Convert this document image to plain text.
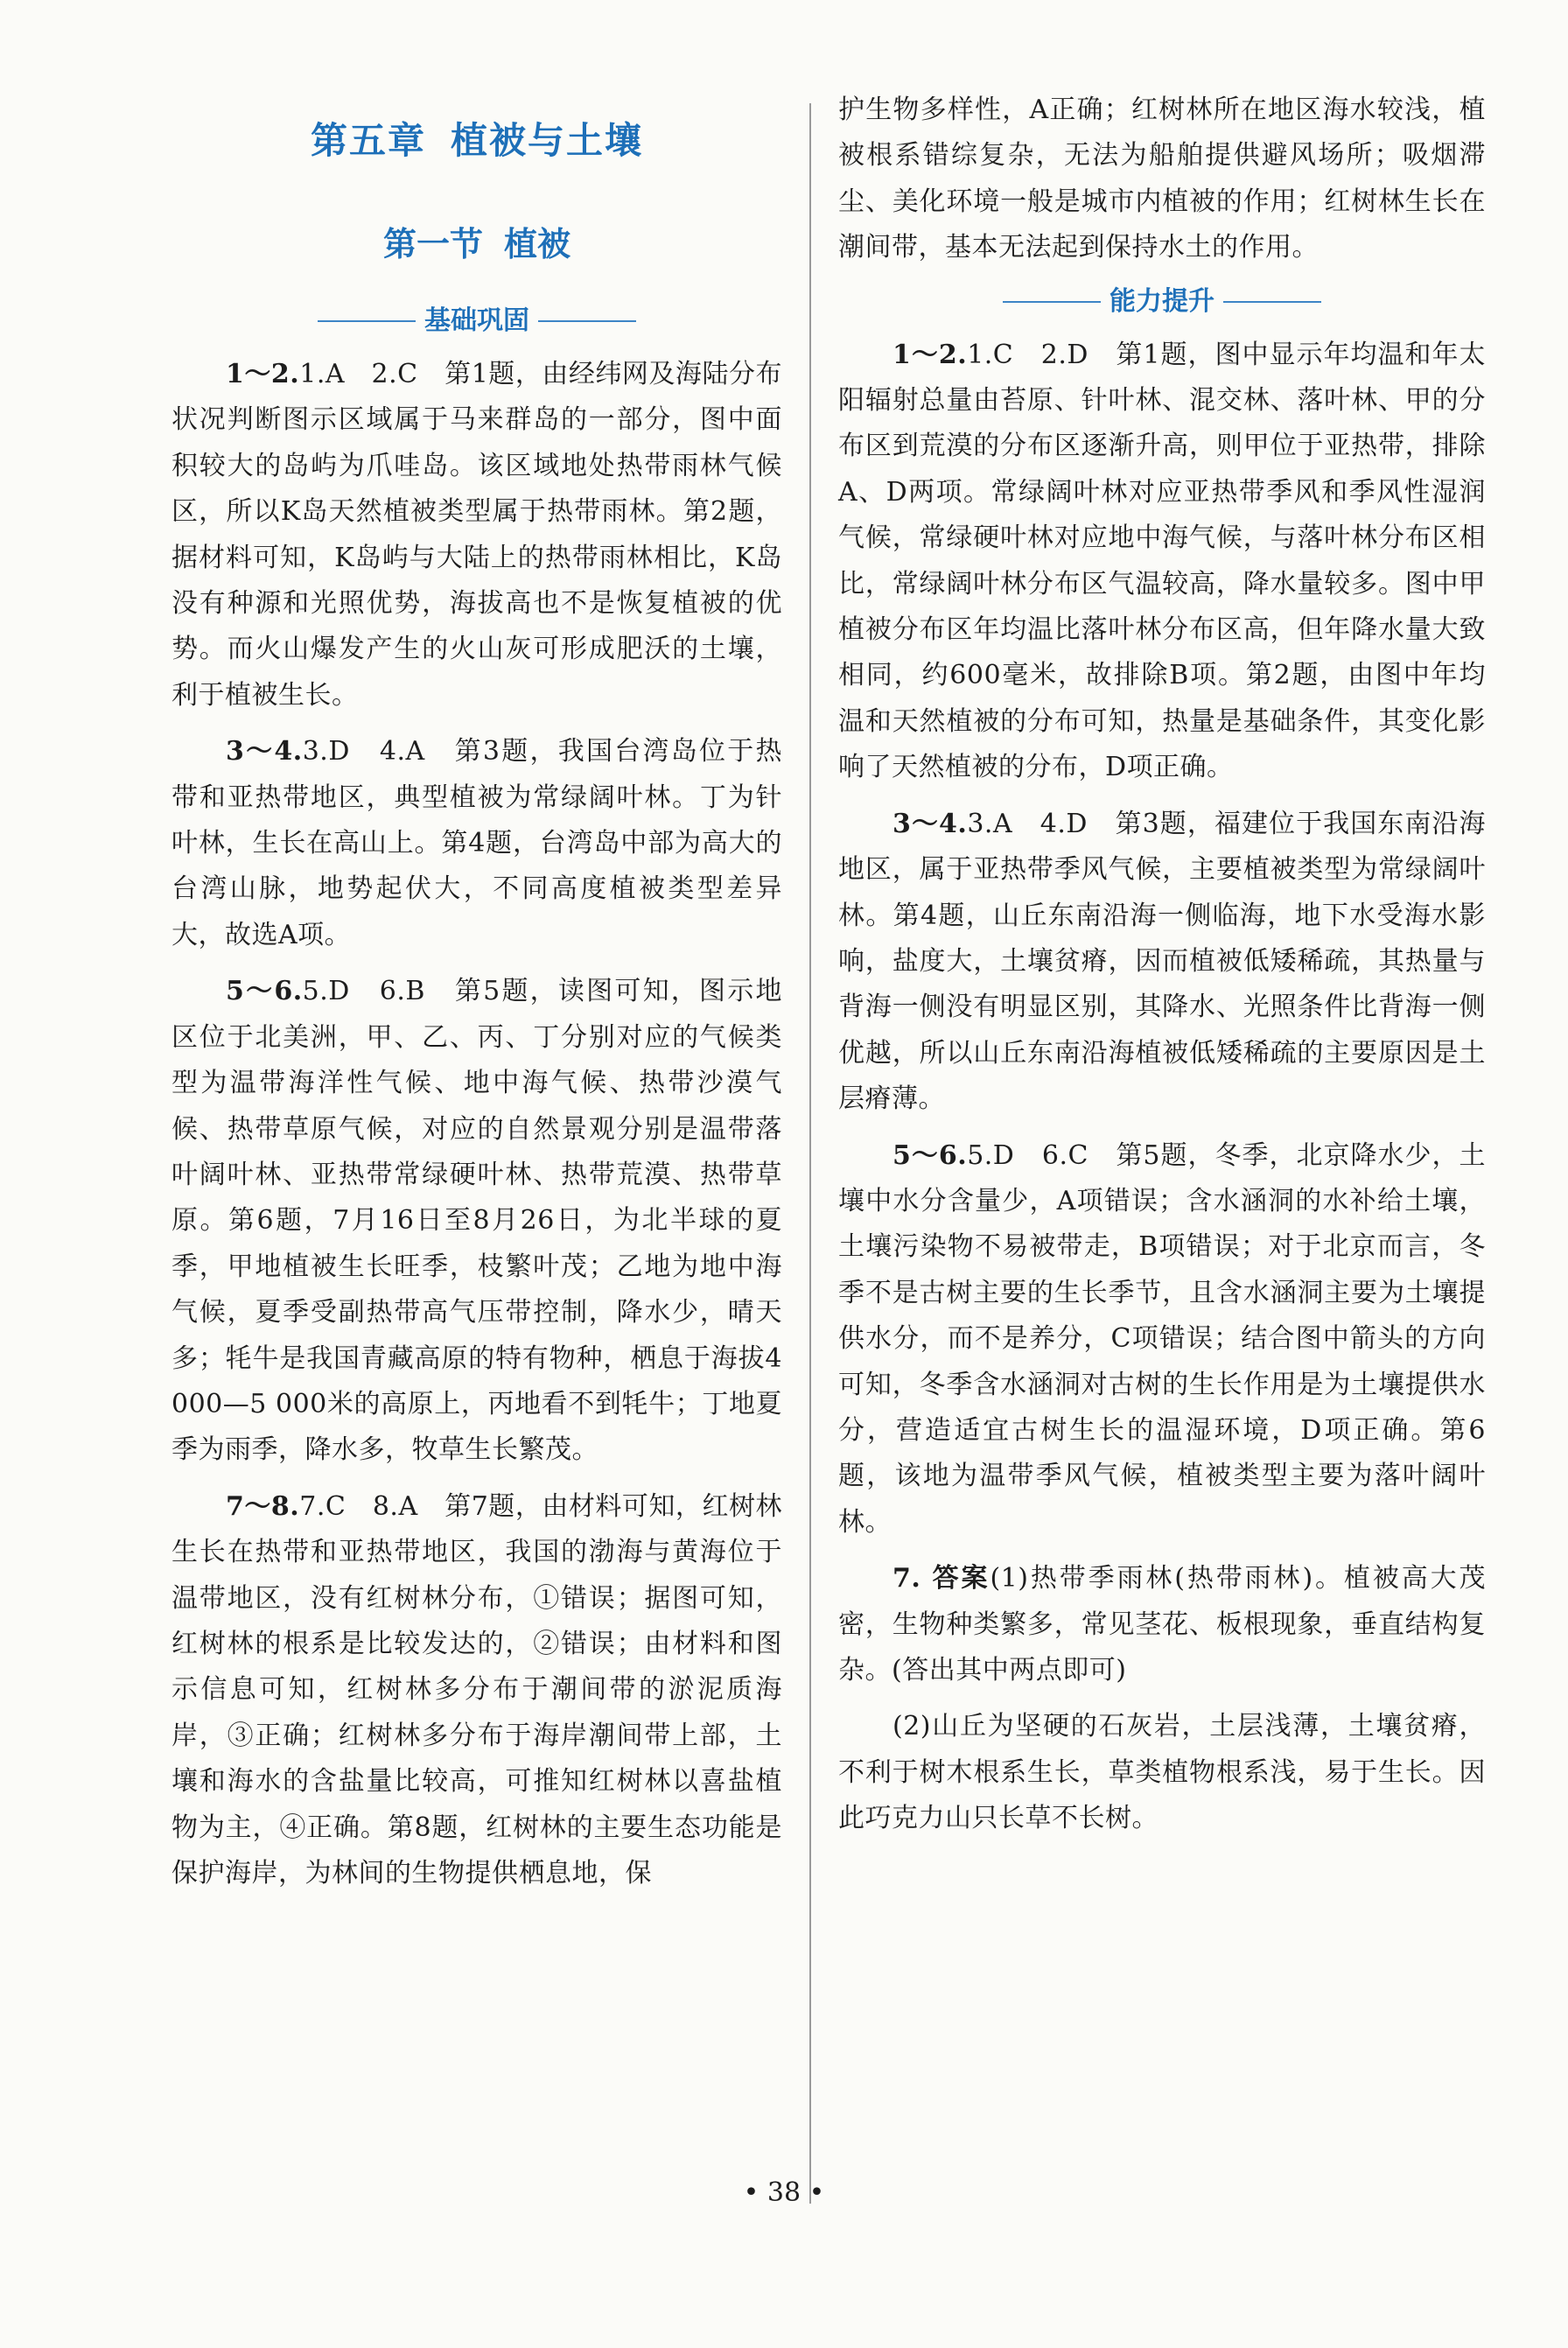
第五章 植被与土壤
第一节 植被
基础巩固

1～2.1.A　2.C　第1题，由经纬网及海陆分布状况判断图示区域属于马来群岛的一部分，图中面积较大的岛屿为爪哇岛。该区域地处热带雨林气候区，所以K岛天然植被类型属于热带雨林。第2题，据材料可知，K岛屿与大陆上的热带雨林相比，K岛没有种源和光照优势，海拔高也不是恢复植被的优势。而火山爆发产生的火山灰可形成肥沃的土壤，利于植被生长。

3～4.3.D　4.A　第3题，我国台湾岛位于热带和亚热带地区，典型植被为常绿阔叶林。丁为针叶林，生长在高山上。第4题，台湾岛中部为高大的台湾山脉，地势起伏大，不同高度植被类型差异大，故选A项。

5～6.5.D　6.B　第5题，读图可知，图示地区位于北美洲，甲、乙、丙、丁分别对应的气候类型为温带海洋性气候、地中海气候、热带沙漠气候、热带草原气候，对应的自然景观分别是温带落叶阔叶林、亚热带常绿硬叶林、热带荒漠、热带草原。第6题，7月16日至8月26日，为北半球的夏季，甲地植被生长旺季，枝繁叶茂；乙地为地中海气候，夏季受副热带高气压带控制，降水少，晴天多；牦牛是我国青藏高原的特有物种，栖息于海拔4 000—5 000米的高原上，丙地看不到牦牛；丁地夏季为雨季，降水多，牧草生长繁茂。

7～8.7.C　8.A　第7题，由材料可知，红树林生长在热带和亚热带地区，我国的渤海与黄海位于温带地区，没有红树林分布，①错误；据图可知，红树林的根系是比较发达的，②错误；由材料和图示信息可知，红树林多分布于潮间带的淤泥质海岸，③正确；红树林多分布于海岸潮间带上部，土壤和海水的含盐量比较高，可推知红树林以喜盐植物为主，④正确。第8题，红树林的主要生态功能是保护海岸，为林间的生物提供栖息地，保

护生物多样性，A正确；红树林所在地区海水较浅，植被根系错综复杂，无法为船舶提供避风场所；吸烟滞尘、美化环境一般是城市内植被的作用；红树林生长在潮间带，基本无法起到保持水土的作用。

能力提升

1～2.1.C　2.D　第1题，图中显示年均温和年太阳辐射总量由苔原、针叶林、混交林、落叶林、甲的分布区到荒漠的分布区逐渐升高，则甲位于亚热带，排除A、D两项。常绿阔叶林对应亚热带季风和季风性湿润气候，常绿硬叶林对应地中海气候，与落叶林分布区相比，常绿阔叶林分布区气温较高，降水量较多。图中甲植被分布区年均温比落叶林分布区高，但年降水量大致相同，约600毫米，故排除B项。第2题，由图中年均温和天然植被的分布可知，热量是基础条件，其变化影响了天然植被的分布，D项正确。

3～4.3.A　4.D　第3题，福建位于我国东南沿海地区，属于亚热带季风气候，主要植被类型为常绿阔叶林。第4题，山丘东南沿海一侧临海，地下水受海水影响，盐度大，土壤贫瘠，因而植被低矮稀疏，其热量与背海一侧没有明显区别，其降水、光照条件比背海一侧优越，所以山丘东南沿海植被低矮稀疏的主要原因是土层瘠薄。

5～6.5.D　6.C　第5题，冬季，北京降水少，土壤中水分含量少，A项错误；含水涵洞的水补给土壤，土壤污染物不易被带走，B项错误；对于北京而言，冬季不是古树主要的生长季节，且含水涵洞主要为土壤提供水分，而不是养分，C项错误；结合图中箭头的方向可知，冬季含水涵洞对古树的生长作用是为土壤提供水分，营造适宜古树生长的温湿环境，D项正确。第6题，该地为温带季风气候，植被类型主要为落叶阔叶林。

7. 答案(1)热带季雨林(热带雨林)。植被高大茂密，生物种类繁多，常见茎花、板根现象，垂直结构复杂。(答出其中两点即可)

(2)山丘为坚硬的石灰岩，土层浅薄，土壤贫瘠，不利于树木根系生长，草类植物根系浅，易于生长。因此巧克力山只长草不长树。

• 38 •
